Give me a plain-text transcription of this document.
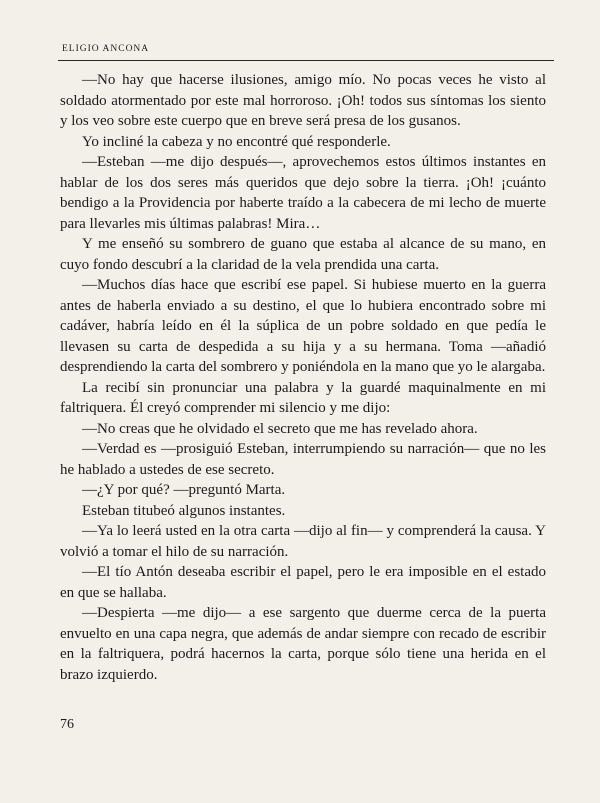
ELIGIO ANCONA

—No hay que hacerse ilusiones, amigo mío. No pocas veces he visto al soldado atormentado por este mal horroroso. ¡Oh! todos sus síntomas los siento y los veo sobre este cuerpo que en breve será presa de los gusanos.

Yo incliné la cabeza y no encontré qué responderle.

—Esteban —me dijo después—, aprovechemos estos últimos instantes en hablar de los dos seres más queridos que dejo sobre la tierra. ¡Oh! ¡cuánto bendigo a la Providencia por haberte traído a la cabecera de mi lecho de muerte para llevarles mis últimas palabras! Mira…

Y me enseñó su sombrero de guano que estaba al alcance de su mano, en cuyo fondo descubrí a la claridad de la vela prendida una carta.

—Muchos días hace que escribí ese papel. Si hubiese muerto en la guerra antes de haberla enviado a su destino, el que lo hubiera encontrado sobre mi cadáver, habría leído en él la súplica de un pobre soldado en que pedía le llevasen su carta de despedida a su hija y a su hermana. Toma —añadió desprendiendo la carta del sombrero y poniéndola en la mano que yo le alargaba.

La recibí sin pronunciar una palabra y la guardé maquinalmente en mi faltriquera. Él creyó comprender mi silencio y me dijo:

—No creas que he olvidado el secreto que me has revelado ahora.

—Verdad es —prosiguió Esteban, interrumpiendo su narración— que no les he hablado a ustedes de ese secreto.

—¿Y por qué? —preguntó Marta.

Esteban titubeó algunos instantes.

—Ya lo leerá usted en la otra carta —dijo al fin— y comprenderá la causa. Y volvió a tomar el hilo de su narración.

—El tío Antón deseaba escribir el papel, pero le era imposible en el estado en que se hallaba.

—Despierta —me dijo— a ese sargento que duerme cerca de la puerta envuelto en una capa negra, que además de andar siempre con recado de escribir en la faltriquera, podrá hacernos la carta, porque sólo tiene una herida en el brazo izquierdo.

76
